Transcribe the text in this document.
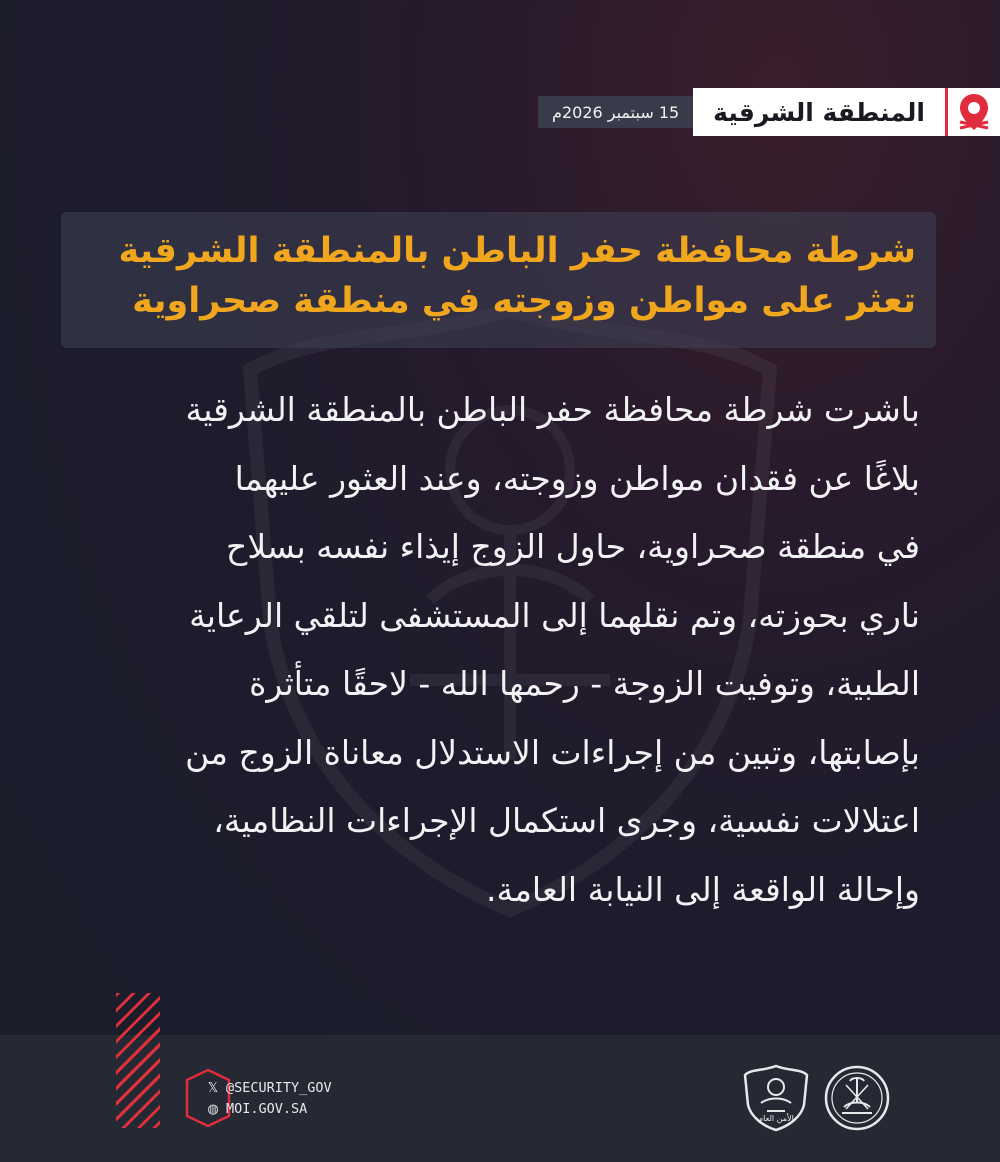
المنطقة الشرقية
15 سبتمبر 2026م
شرطة محافظة حفر الباطن بالمنطقة الشرقية
تعثر على مواطن وزوجته في منطقة صحراوية
باشرت شرطة محافظة حفر الباطن بالمنطقة الشرقية
بلاغًا عن فقدان مواطن وزوجته، وعند العثور عليهما
في منطقة صحراوية، حاول الزوج إيذاء نفسه بسلاح
ناري بحوزته، وتم نقلهما إلى المستشفى لتلقي الرعاية
الطبية، وتوفيت الزوجة - رحمها الله - لاحقًا متأثرة
بإصابتها، وتبين من إجراءات الاستدلال معاناة الزوج من
اعتلالات نفسية، وجرى استكمال الإجراءات النظامية،
وإحالة الواقعة إلى النيابة العامة.
𝕏 @SECURITY_GOV
◍ MOI.GOV.SA
الأمن العام
